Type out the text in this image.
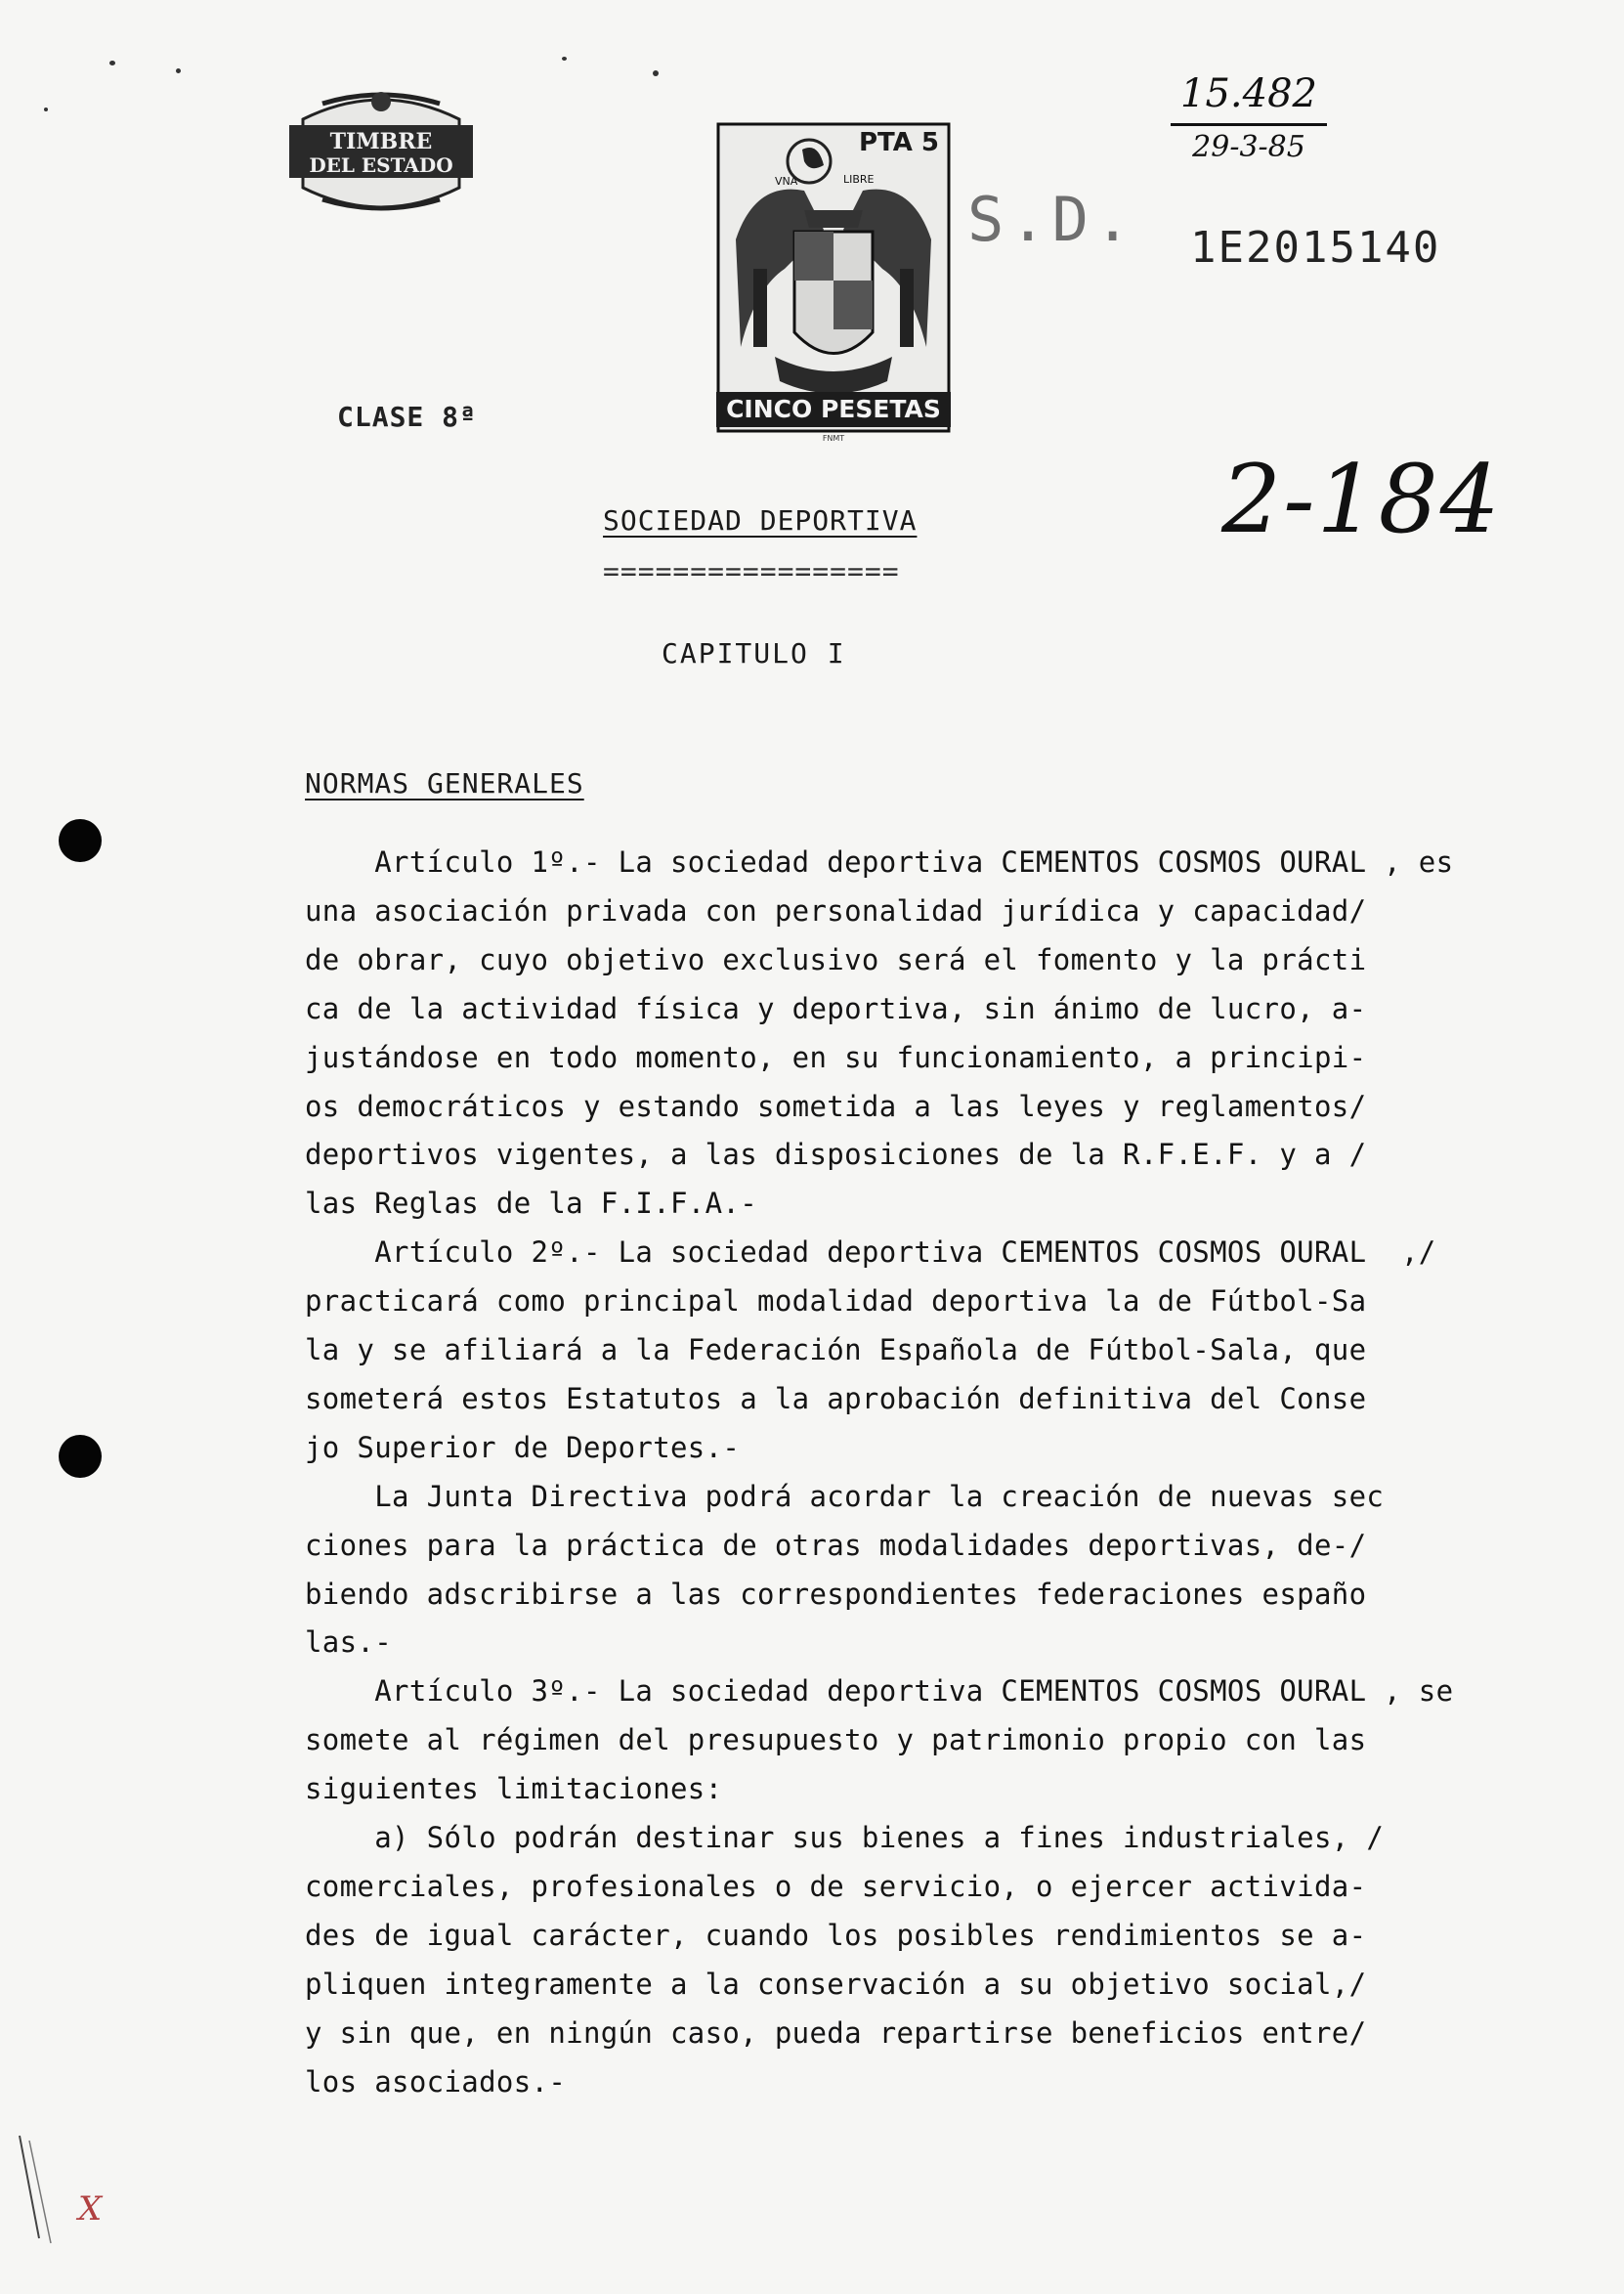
TIMBRE
DEL ESTADO
VNA	LIBRE
PTA 5
CINCO PESETAS
FNMT
CLASE 8ª
S.D. 1E2015140
15.482
29-3-85
2-184
SOCIEDAD DEPORTIVA
=================
CAPITULO I
NORMAS GENERALES
Artículo 1º.- La sociedad deportiva CEMENTOS COSMOS OURAL , es
una asociación privada con personalidad jurídica y capacidad/
de obrar, cuyo objetivo exclusivo será el fomento y la prácti
ca de la actividad física y deportiva, sin ánimo de lucro, a-
justándose en todo momento, en su funcionamiento, a principi-
os democráticos y estando sometida a las leyes y reglamentos/
deportivos vigentes, a las disposiciones de la R.F.E.F. y a /
las Reglas de la F.I.F.A.-
Artículo 2º.- La sociedad deportiva CEMENTOS COSMOS OURAL  ,/
practicará como principal modalidad deportiva la de Fútbol-Sa
la y se afiliará a la Federación Española de Fútbol-Sala, que
someterá estos Estatutos a la aprobación definitiva del Conse
jo Superior de Deportes.-
La Junta Directiva podrá acordar la creación de nuevas sec
ciones para la práctica de otras modalidades deportivas, de-/
biendo adscribirse a las correspondientes federaciones españo
las.-
Artículo 3º.- La sociedad deportiva CEMENTOS COSMOS OURAL , se
somete al régimen del presupuesto y patrimonio propio con las
siguientes limitaciones:
a) Sólo podrán destinar sus bienes a fines industriales, /
comerciales, profesionales o de servicio, o ejercer activida-
des de igual carácter, cuando los posibles rendimientos se a-
pliquen integramente a la conservación a su objetivo social,/
y sin que, en ningún caso, pueda repartirse beneficios entre/
los asociados.-
X
